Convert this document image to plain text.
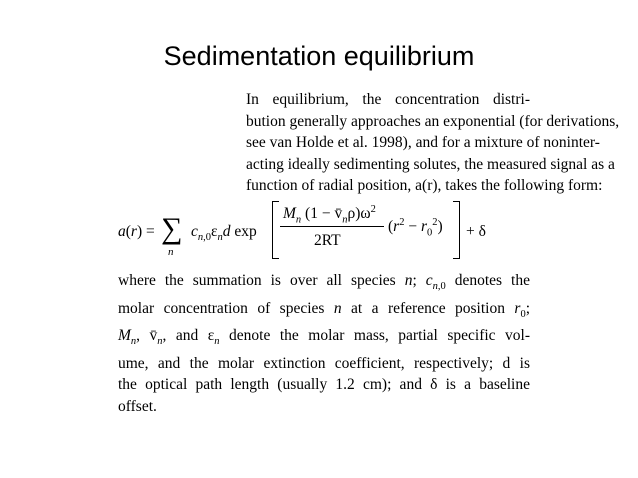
Sedimentation equilibrium
In equilibrium, the concentration distri-
bution generally approaches an exponential (for derivations,
see van Holde et al. 1998), and for a mixture of noninter-
acting ideally sedimenting solutes, the measured signal as a
function of radial position, a(r), takes the following form:
a(r) = ∑
n
$c_{n,0}\varepsilon_nd$ exp
$M_n$ $(1 - v̄_n\rho)\omega^2$
2RT
$(r^2 - r_0^2) + \delta$
where the summation is over all species n; $c_{n,0}$ denotes the
molar concentration of species n at a reference position $r_0$;
$M_n$, $v̄_n$, and $\varepsilon_n$ denote the molar mass, partial specific vol-
ume, and the molar extinction coefficient, respectively; d is
the optical path length (usually 1.2 cm); and δ is a baseline
offset.
